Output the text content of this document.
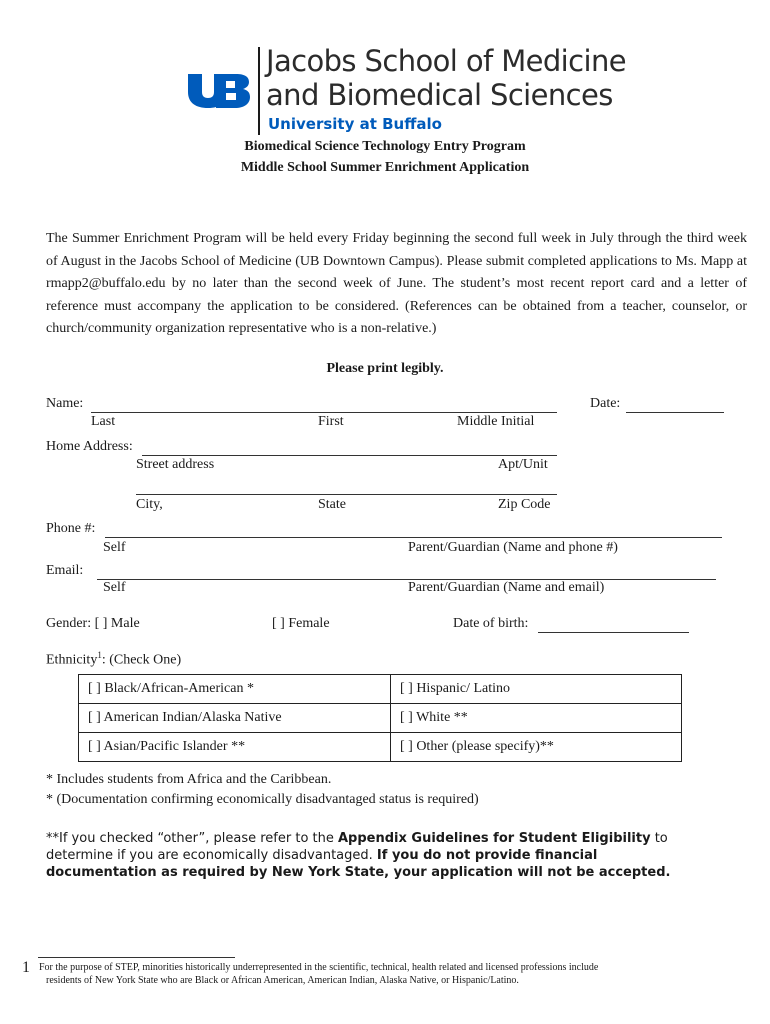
Jacobs School of Medicine
and Biomedical Sciences
University at Buffalo
Biomedical Science Technology Entry Program
Middle School Summer Enrichment Application

The Summer Enrichment Program will be held every Friday beginning the second full week in July through the third week of August in the Jacobs School of Medicine (UB Downtown Campus). Please submit completed applications to Ms. Mapp at rmapp2@buffalo.edu by no later than the second week of June. The student’s most recent report card and a letter of reference must accompany the application to be considered. (References can be obtained from a teacher, counselor, or church/community organization representative who is a non-relative.)

Please print legibly.
Name:	Date:
Last	First	Middle Initial
Home Address:
Street address	Apt/Unit
City,	State	Zip Code
Phone #:
Self	Parent/Guardian (Name and phone #)
Email:
Self	Parent/Guardian (Name and email)
Gender: [ ] Male	[ ] Female	Date of birth:
Ethnicity$^1$: (Check One)
[ ] Black/African-American *	[ ] Hispanic/ Latino
[ ] American Indian/Alaska Native	[ ] White **
[ ] Asian/Pacific Islander **	[ ] Other (please specify)**
* Includes students from Africa and the Caribbean.
* (Documentation confirming economically disadvantaged status is required)
**If you checked “other”, please refer to the Appendix Guidelines for Student Eligibility to determine if you are economically disadvantaged. If you do not provide financial documentation as required by New York State, your application will not be accepted.
1 For the purpose of STEP, minorities historically underrepresented in the scientific, technical, health related and licensed professions include
residents of New York State who are Black or African American, American Indian, Alaska Native, or Hispanic/Latino.
